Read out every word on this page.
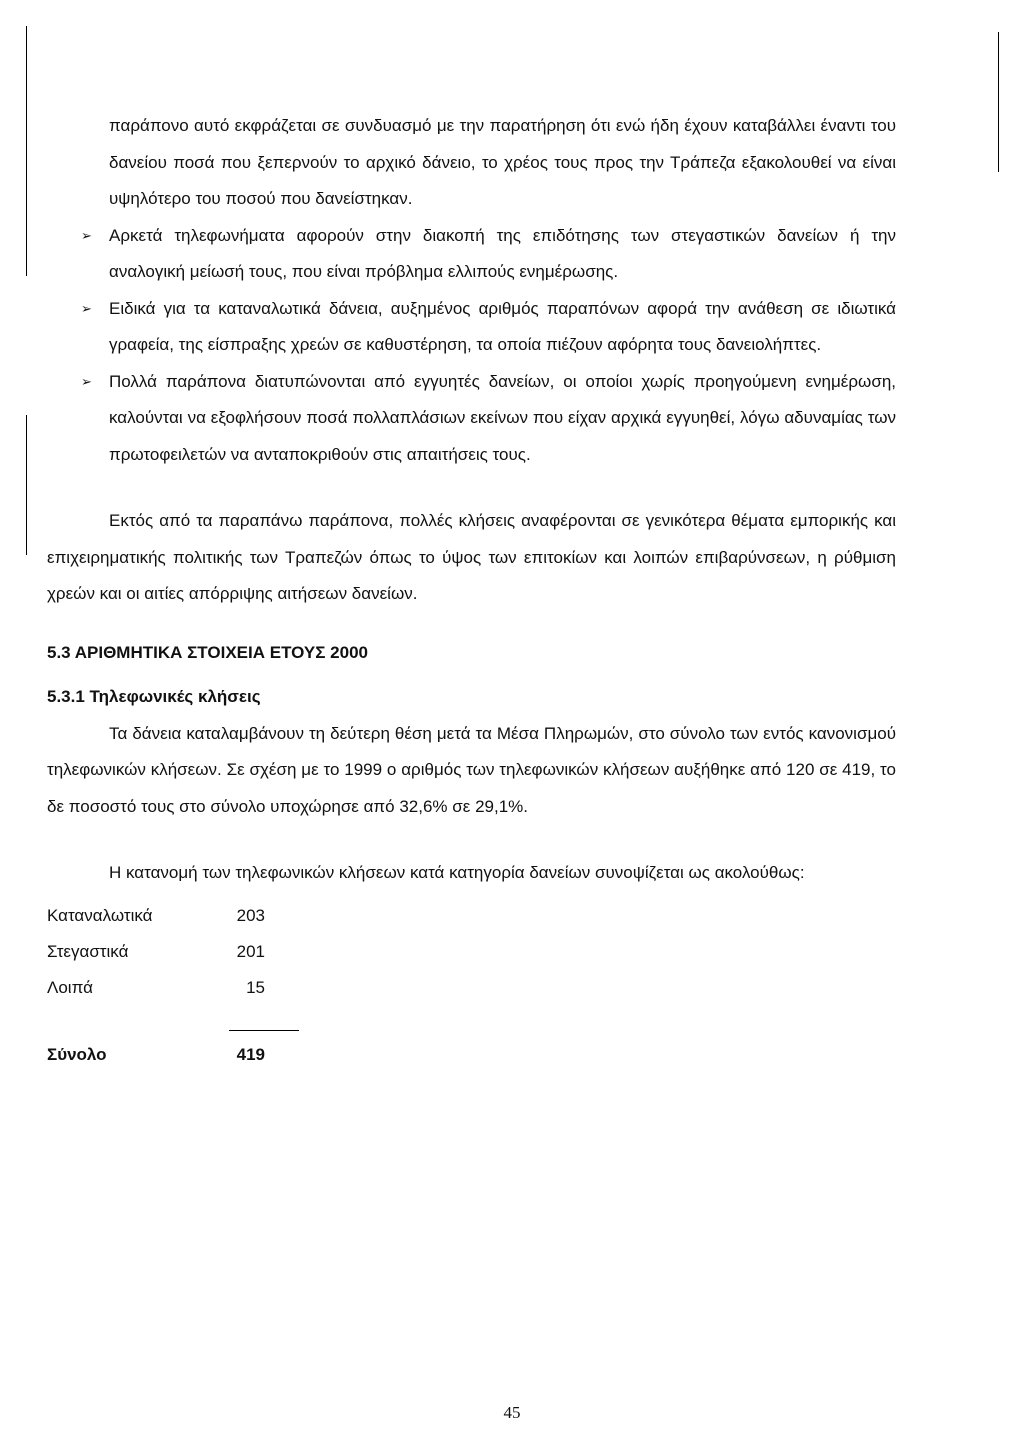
παράπονο αυτό εκφράζεται σε συνδυασμό με την παρατήρηση ότι ενώ ήδη έχουν καταβάλλει έναντι του δανείου ποσά που ξεπερνούν το αρχικό δάνειο, το χρέος τους προς την Τράπεζα εξακολουθεί να είναι υψηλότερο του ποσού που δανείστηκαν.
➢ Αρκετά τηλεφωνήματα αφορούν στην διακοπή της επιδότησης των στεγαστικών δανείων ή την αναλογική μείωσή τους, που είναι πρόβλημα ελλιπούς ενημέρωσης.
➢ Ειδικά για τα καταναλωτικά δάνεια, αυξημένος αριθμός παραπόνων αφορά την ανάθεση σε ιδιωτικά γραφεία, της είσπραξης χρεών σε καθυστέρηση, τα οποία πιέζουν αφόρητα τους δανειολήπτες.
➢ Πολλά παράπονα διατυπώνονται από εγγυητές δανείων, οι οποίοι χωρίς προηγούμενη ενημέρωση, καλούνται να εξοφλήσουν ποσά πολλαπλάσιων εκείνων που είχαν αρχικά εγγυηθεί, λόγω αδυναμίας των πρωτοφειλετών να ανταποκριθούν στις απαιτήσεις τους.
Εκτός από τα παραπάνω παράπονα, πολλές κλήσεις αναφέρονται σε γενικότερα θέματα εμπορικής και επιχειρηματικής πολιτικής των Τραπεζών όπως το ύψος των επιτοκίων και λοιπών επιβαρύνσεων, η ρύθμιση χρεών και οι αιτίες απόρριψης αιτήσεων δανείων.
5.3 ΑΡΙΘΜΗΤΙΚΑ ΣΤΟΙΧΕΙΑ ΕΤΟΥΣ 2000
5.3.1 Τηλεφωνικές κλήσεις
Τα δάνεια καταλαμβάνουν τη δεύτερη θέση μετά τα Μέσα Πληρωμών, στο σύνολο των εντός κανονισμού τηλεφωνικών κλήσεων. Σε σχέση με το 1999 ο αριθμός των τηλεφωνικών κλήσεων αυξήθηκε από 120 σε 419, το δε ποσοστό τους στο σύνολο υποχώρησε από 32,6% σε 29,1%.
Η κατανομή των τηλεφωνικών κλήσεων κατά κατηγορία δανείων συνοψίζεται ως ακολούθως:
Καταναλωτικά	203
Στεγαστικά	201
Λοιπά	15
Σύνολο	419
45
